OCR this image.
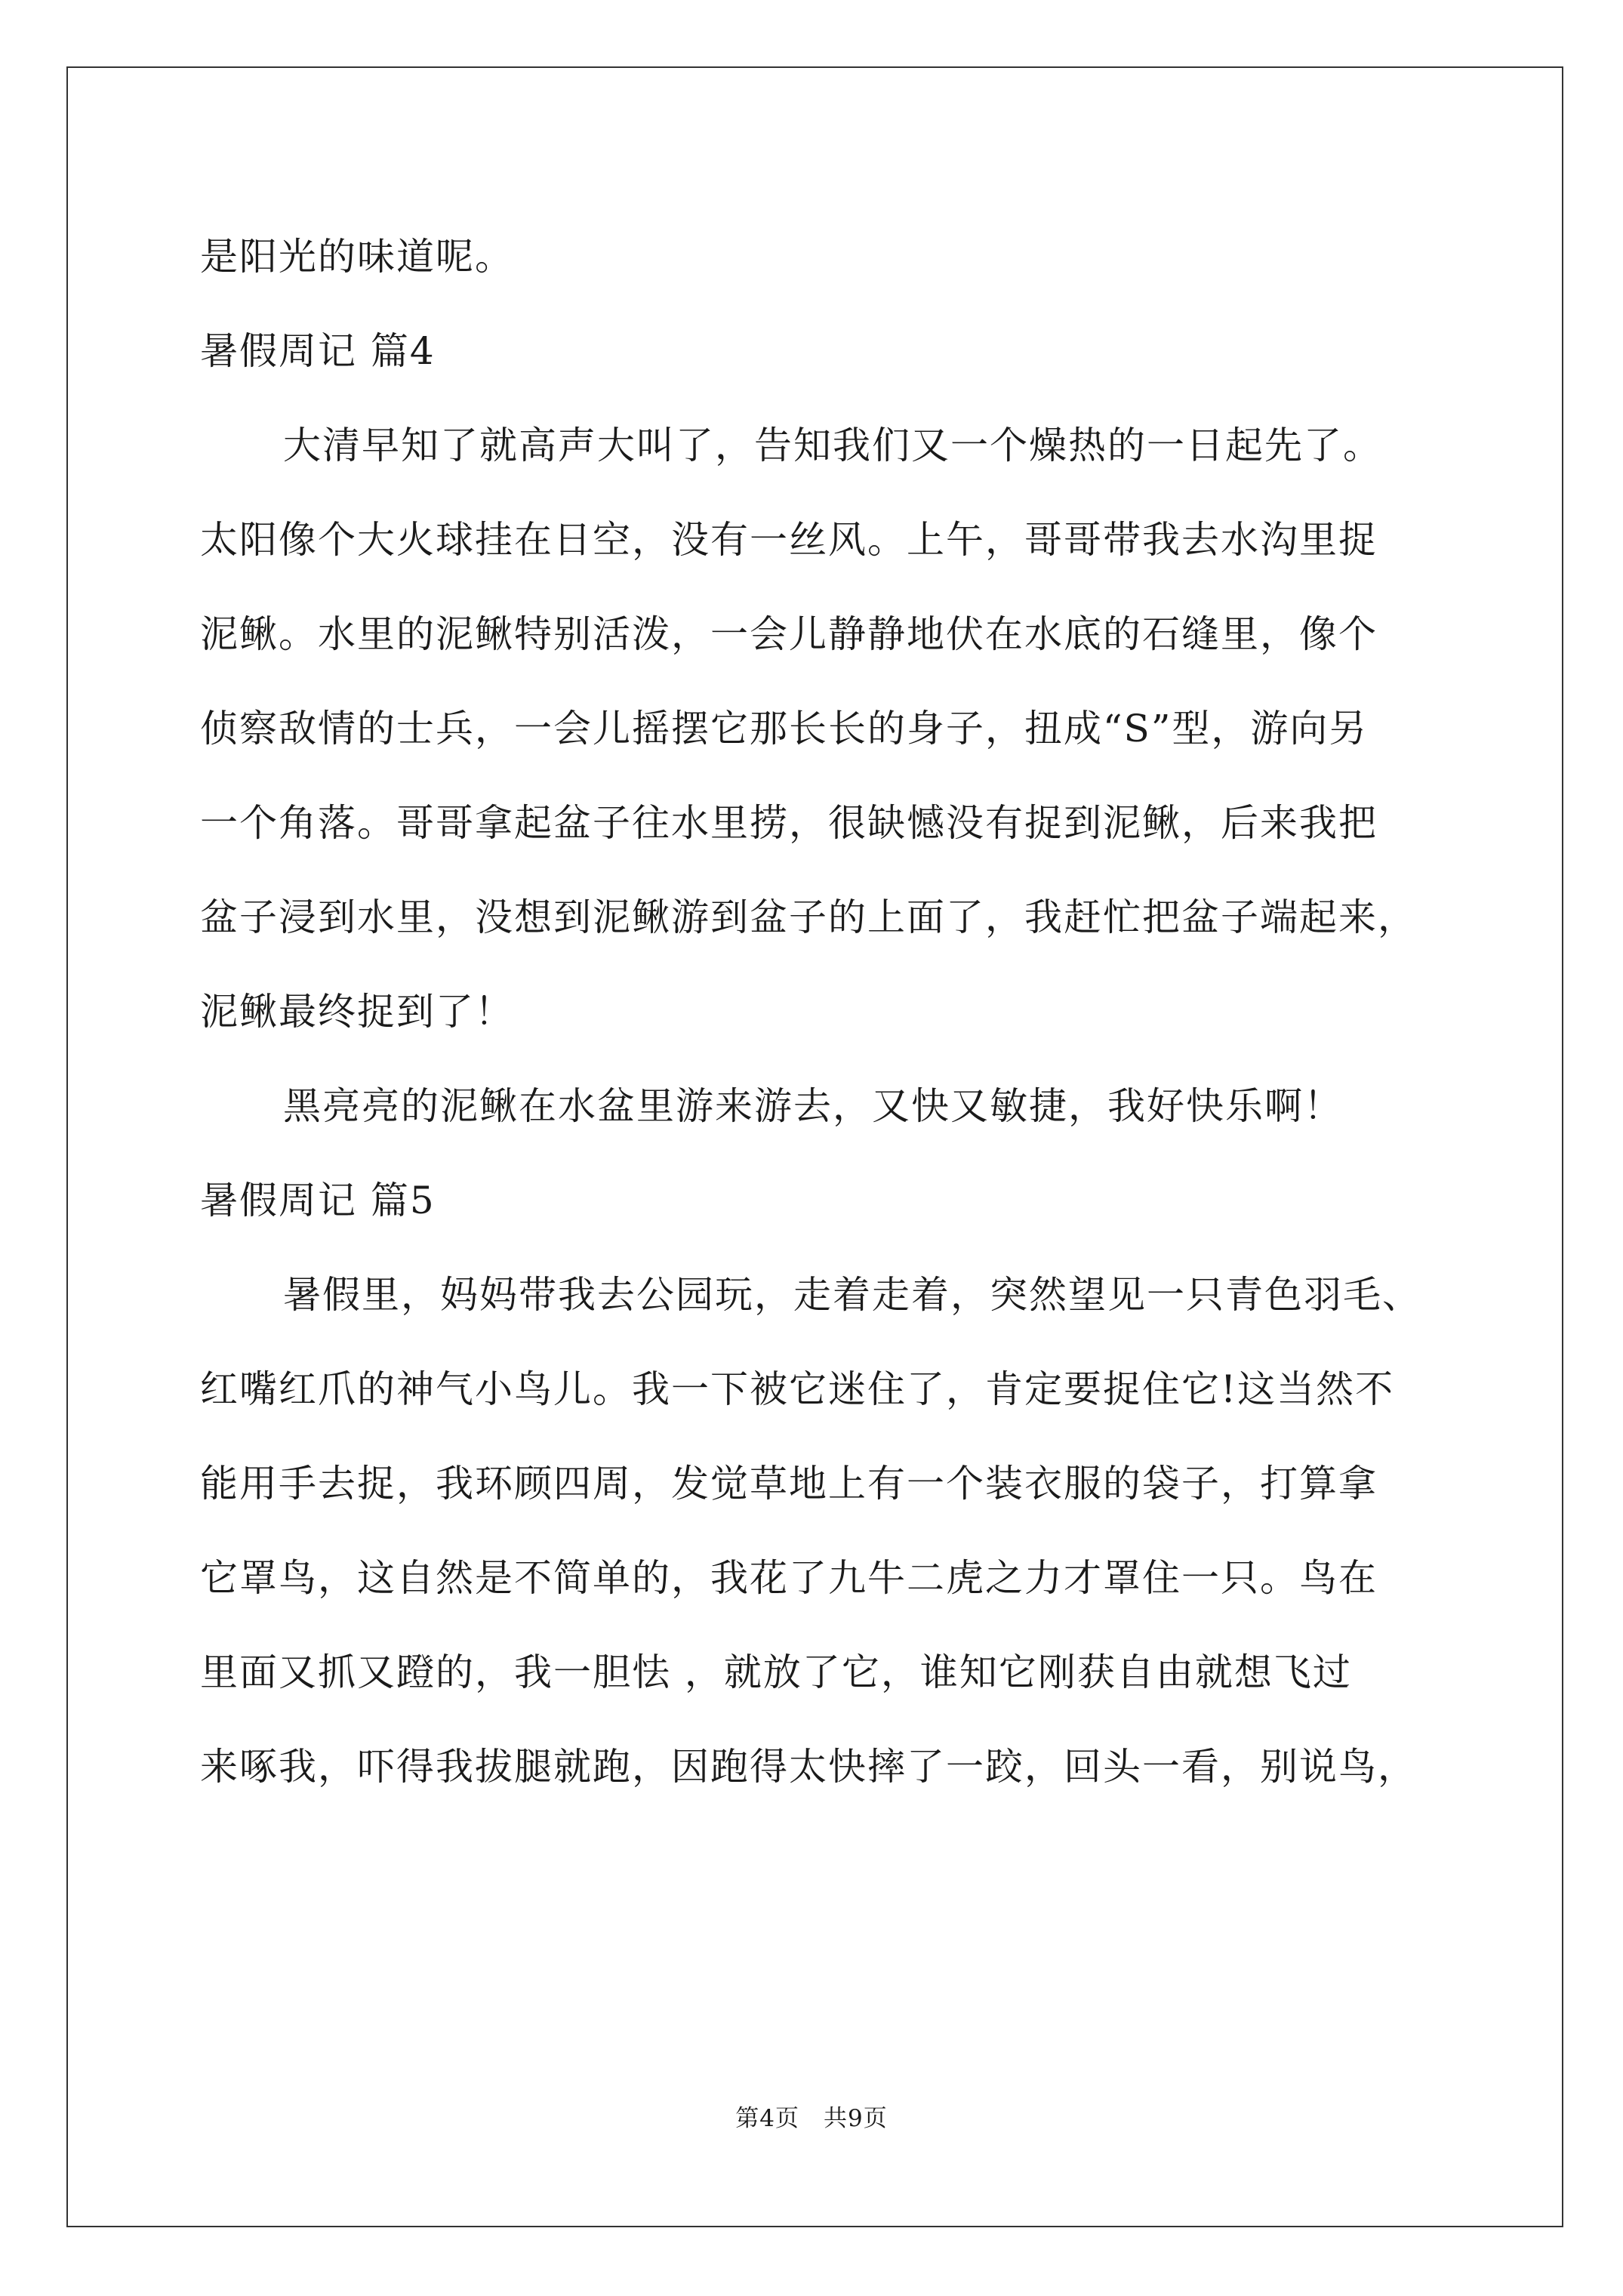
是阳光的味道呢。
暑假周记 篇4
大清早知了就高声大叫了，告知我们又一个燥热的一日起先了。
太阳像个大火球挂在日空，没有一丝风。上午，哥哥带我去水沟里捉
泥鳅。水里的泥鳅特别活泼，一会儿静静地伏在水底的石缝里，像个
侦察敌情的士兵，一会儿摇摆它那长长的身子，扭成“S”型，游向另
一个角落。哥哥拿起盆子往水里捞，很缺憾没有捉到泥鳅，后来我把
盆子浸到水里，没想到泥鳅游到盆子的上面了，我赶忙把盆子端起来，
泥鳅最终捉到了！
黑亮亮的泥鳅在水盆里游来游去，又快又敏捷，我好快乐啊！
暑假周记 篇5
暑假里，妈妈带我去公园玩，走着走着，突然望见一只青色羽毛、
红嘴红爪的神气小鸟儿。我一下被它迷住了，肯定要捉住它!这当然不
能用手去捉，我环顾四周，发觉草地上有一个装衣服的袋子，打算拿
它罩鸟，这自然是不简单的，我花了九牛二虎之力才罩住一只。鸟在
里面又抓又蹬的，我一胆怯 ，就放了它，谁知它刚获自由就想飞过
来啄我，吓得我拔腿就跑，因跑得太快摔了一跤，回头一看，别说鸟，
第4页　共9页
